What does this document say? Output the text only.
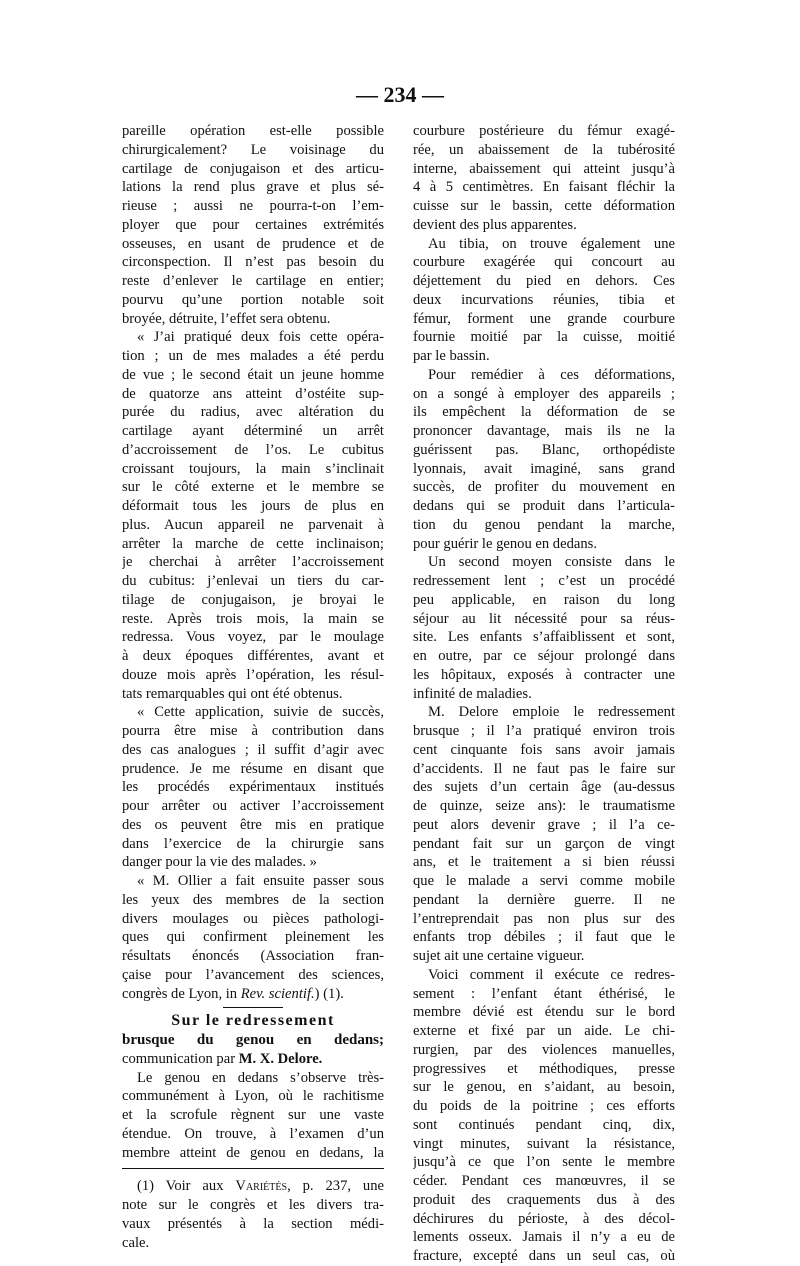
— 234 —

pareille opération est-elle possible

chirurgicalement? Le voisinage du

cartilage de conjugaison et des articu-

lations la rend plus grave et plus sé-

rieuse ; aussi ne pourra-t-on l’em-

ployer que pour certaines extrémités

osseuses, en usant de prudence et de

circonspection. Il n’est pas besoin du

reste d’enlever le cartilage en entier;

pourvu qu’une portion notable soit

broyée, détruite, l’effet sera obtenu.

« J’ai pratiqué deux fois cette opéra-

tion ; un de mes malades a été perdu

de vue ; le second était un jeune homme

de quatorze ans atteint d’ostéite sup-

purée du radius, avec altération du

cartilage ayant déterminé un arrêt

d’accroissement de l’os. Le cubitus

croissant toujours, la main s’inclinait

sur le côté externe et le membre se

déformait tous les jours de plus en

plus. Aucun appareil ne parvenait à

arrêter la marche de cette inclinaison;

je cherchai à arrêter l’accroissement

du cubitus: j’enlevai un tiers du car-

tilage de conjugaison, je broyai le

reste. Après trois mois, la main se

redressa. Vous voyez, par le moulage

à deux époques différentes, avant et

douze mois après l’opération, les résul-

tats remarquables qui ont été obtenus.

« Cette application, suivie de succès,

pourra être mise à contribution dans

des cas analogues ; il suffit d’agir avec

prudence. Je me résume en disant que

les procédés expérimentaux institués

pour arrêter ou activer l’accroissement

des os peuvent être mis en pratique

dans l’exercice de la chirurgie sans

danger pour la vie des malades. »

« M. Ollier a fait ensuite passer sous

les yeux des membres de la section

divers moulages ou pièces pathologi-

ques qui confirment pleinement les

résultats énoncés (Association fran-

çaise pour l’avancement des sciences,

congrès de Lyon, in Rev. scientif.) (1).

Sur le redressement

brusque du genou en dedans;

communication par M. X. Delore.

Le genou en dedans s’observe très-

communément à Lyon, où le rachitisme

et la scrofule règnent sur une vaste

étendue. On trouve, à l’examen d’un

membre atteint de genou en dedans, la

(1) Voir aux Variétés, p. 237, une

note sur le congrès et les divers tra-

vaux présentés à la section médi-

cale.

courbure postérieure du fémur exagé-

rée, un abaissement de la tubérosité

interne, abaissement qui atteint jusqu’à

4 à 5 centimètres. En faisant fléchir la

cuisse sur le bassin, cette déformation

devient des plus apparentes.

Au tibia, on trouve également une

courbure exagérée qui concourt au

déjettement du pied en dehors. Ces

deux incurvations réunies, tibia et

fémur, forment une grande courbure

fournie moitié par la cuisse, moitié

par le bassin.

Pour remédier à ces déformations,

on a songé à employer des appareils ;

ils empêchent la déformation de se

prononcer davantage, mais ils ne la

guérissent pas. Blanc, orthopédiste

lyonnais, avait imaginé, sans grand

succès, de profiter du mouvement en

dedans qui se produit dans l’articula-

tion du genou pendant la marche,

pour guérir le genou en dedans.

Un second moyen consiste dans le

redressement lent ; c’est un procédé

peu applicable, en raison du long

séjour au lit nécessité pour sa réus-

site. Les enfants s’affaiblissent et sont,

en outre, par ce séjour prolongé dans

les hôpitaux, exposés à contracter une

infinité de maladies.

M. Delore emploie le redressement

brusque ; il l’a pratiqué environ trois

cent cinquante fois sans avoir jamais

d’accidents. Il ne faut pas le faire sur

des sujets d’un certain âge (au-dessus

de quinze, seize ans): le traumatisme

peut alors devenir grave ; il l’a ce-

pendant fait sur un garçon de vingt

ans, et le traitement a si bien réussi

que le malade a servi comme mobile

pendant la dernière guerre. Il ne

l’entreprendait pas non plus sur des

enfants trop débiles ; il faut que le

sujet ait une certaine vigueur.

Voici comment il exécute ce redres-

sement : l’enfant étant éthérisé, le

membre dévié est étendu sur le bord

externe et fixé par un aide. Le chi-

rurgien, par des violences manuelles,

progressives et méthodiques, presse

sur le genou, en s’aidant, au besoin,

du poids de la poitrine ; ces efforts

sont continués pendant cinq, dix,

vingt minutes, suivant la résistance,

jusqu’à ce que l’on sente le membre

céder. Pendant ces manœuvres, il se

produit des craquements dus à des

déchirures du périoste, à des décol-

lements osseux. Jamais il n’y a eu de

fracture, excepté dans un seul cas, où
